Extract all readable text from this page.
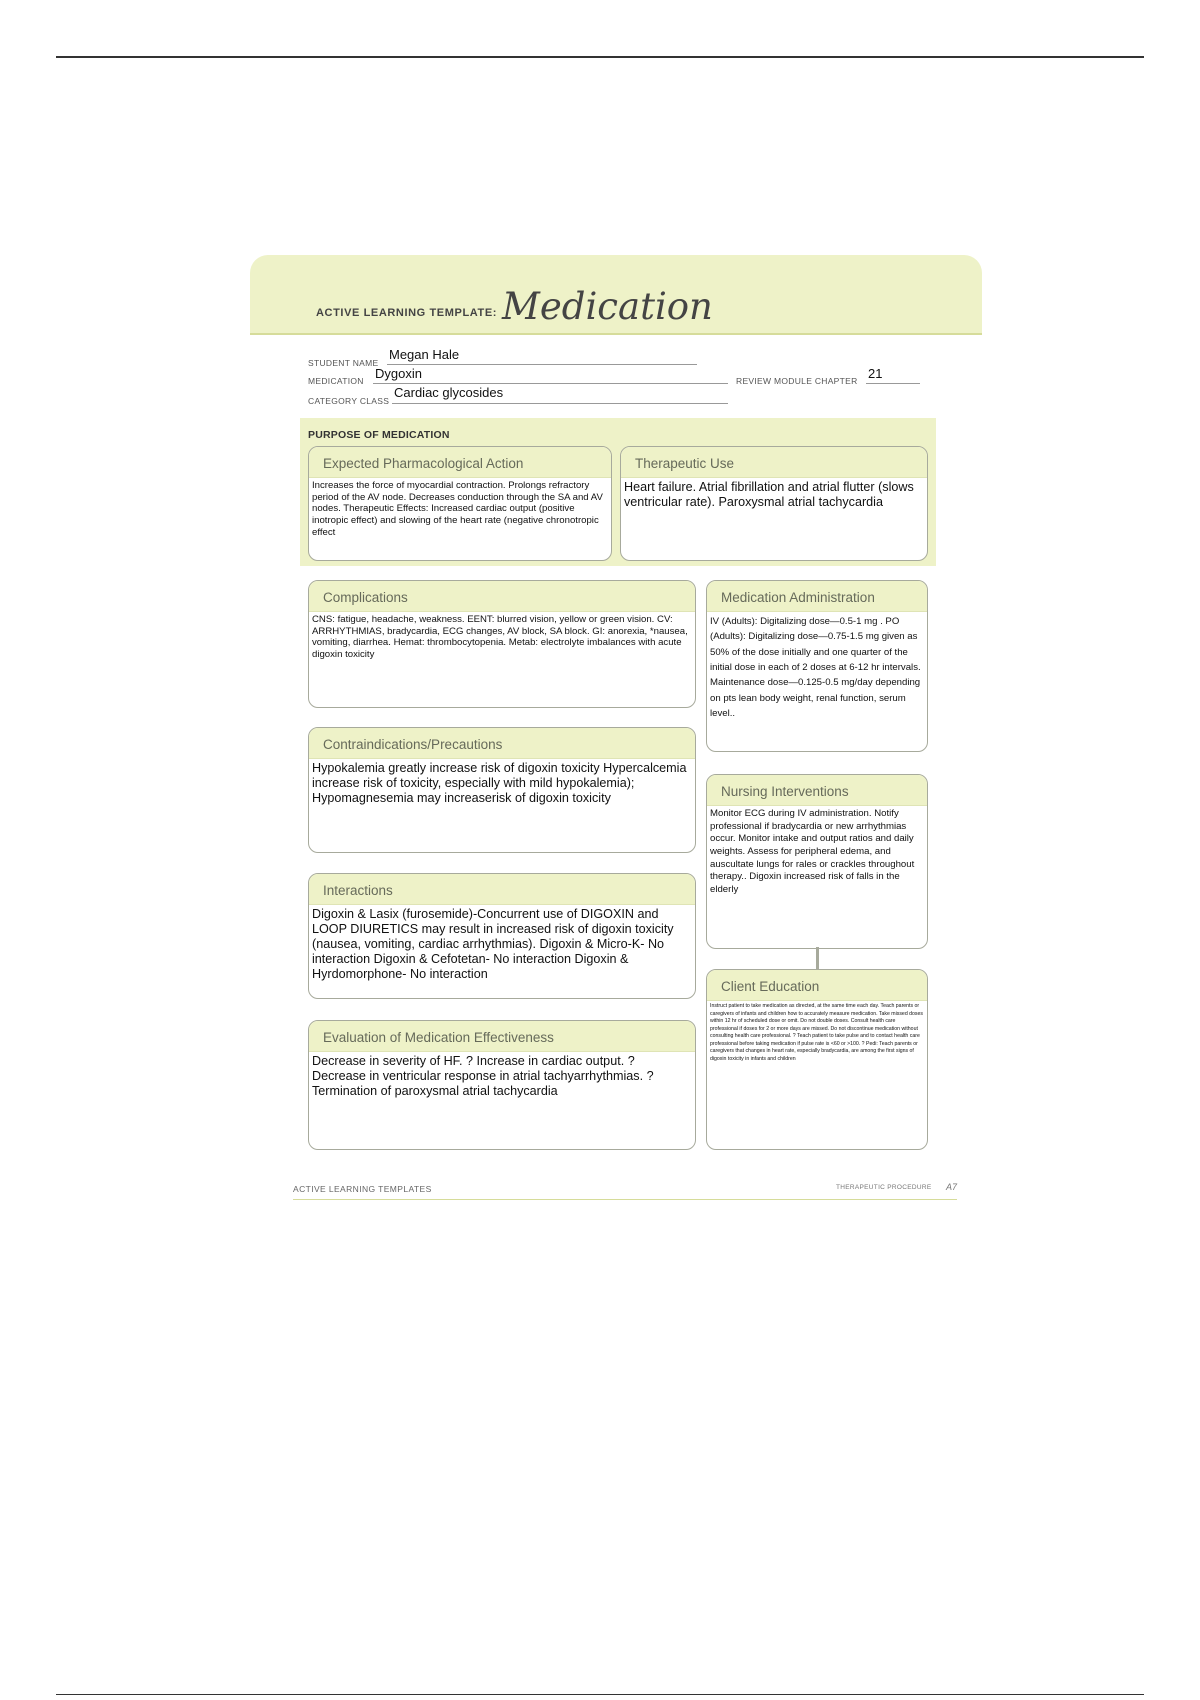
ACTIVE LEARNING TEMPLATE: Medication
STUDENT NAME
Megan Hale
MEDICATION Dygoxin	REVIEW MODULE CHAPTER 21
CATEGORY CLASS
Cardiac glycosides
PURPOSE OF MEDICATION
Expected Pharmacological Action
Increases the force of myocardial contraction. Prolongs refractory period of the AV node. Decreases conduction through the SA and AV nodes. Therapeutic Effects: Increased cardiac output (positive inotropic effect) and slowing of the heart rate (negative chronotropic effect
Therapeutic Use
Heart failure. Atrial fibrillation and atrial flutter (slows ventricular rate). Paroxysmal atrial tachycardia
Complications
CNS: fatigue, headache, weakness. EENT: blurred vision, yellow or green vision. CV: ARRHYTHMIAS, bradycardia, ECG changes, AV block, SA block. GI: anorexia, *nausea, vomiting, diarrhea. Hemat: thrombocytopenia. Metab: electrolyte imbalances with acute digoxin toxicity
Contraindications/Precautions
Hypokalemia greatly increase risk of digoxin toxicity Hypercalcemia increase risk of toxicity, especially with mild hypokalemia); Hypomagnesemia may increaserisk of digoxin toxicity
Interactions
Digoxin & Lasix (furosemide)-Concurrent use of DIGOXIN and LOOP DIURETICS may result in increased risk of digoxin toxicity (nausea, vomiting, cardiac arrhythmias). Digoxin & Micro-K- No interaction Digoxin & Cefotetan- No interaction Digoxin & Hyrdomorphone- No interaction
Evaluation of Medication Effectiveness
Decrease in severity of HF. ? Increase in cardiac output. ? Decrease in ventricular response in atrial tachyarrhythmias. ? Termination of paroxysmal atrial tachycardia
Medication Administration
IV (Adults): Digitalizing dose—0.5-1 mg . PO (Adults): Digitalizing dose—0.75-1.5 mg given as 50% of the dose initially and one quarter of the initial dose in each of 2 doses at 6-12 hr intervals. Maintenance dose—0.125-0.5 mg/day depending on pts lean body weight, renal function, serum level..
Nursing Interventions
Monitor ECG during IV administration. Notify professional if bradycardia or new arrhythmias occur. Monitor intake and output ratios and daily weights. Assess for peripheral edema, and auscultate lungs for rales or crackles throughout therapy.. Digoxin increased risk of falls in the elderly
Client Education
Instruct patient to take medication as directed, at the same time each day. Teach parents or caregivers of infants and children how to accurately measure medication. Take missed doses within 12 hr of scheduled dose or omit. Do not double doses. Consult health care professional if doses for 2 or more days are missed. Do not discontinue medication without consulting health care professional. ? Teach patient to take pulse and to contact health care professional before taking medication if pulse rate is <60 or >100. ? Pedi: Teach parents or caregivers that changes in heart rate, especially bradycardia, are among the first signs of digoxin toxicity in infants and children
ACTIVE LEARNING TEMPLATES	THERAPEUTIC PROCEDURE A7
